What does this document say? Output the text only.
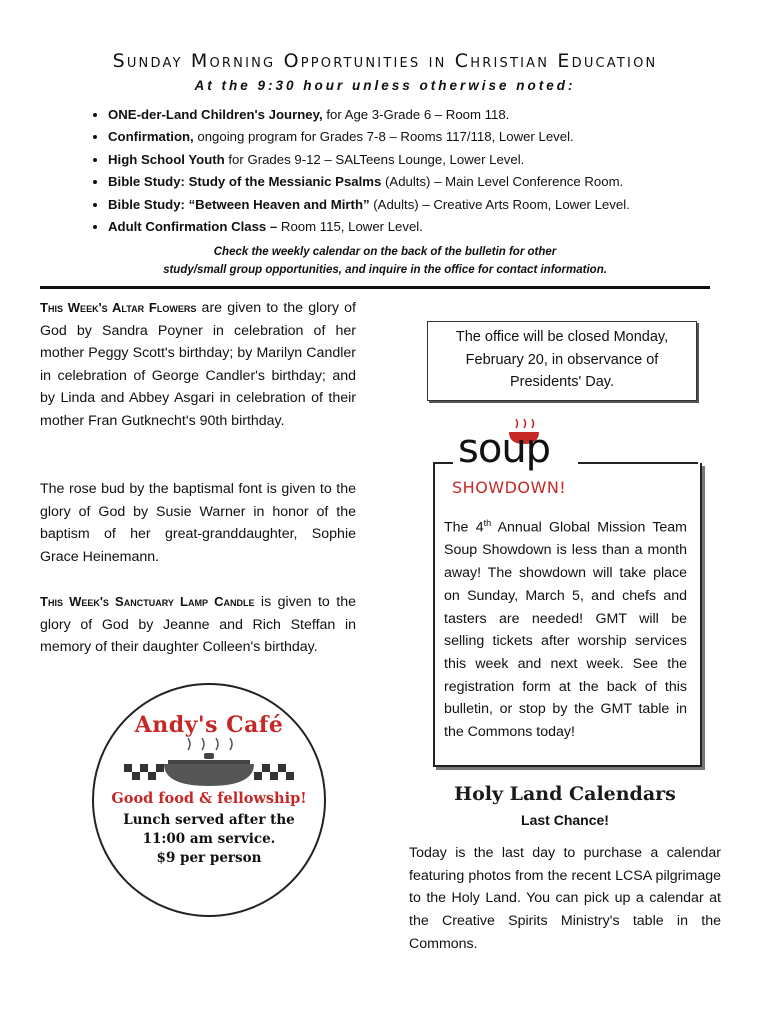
Sunday Morning Opportunities in Christian Education
At the 9:30 hour unless otherwise noted:
• ONE-der-Land Children's Journey, for Age 3-Grade 6 – Room 118.
• Confirmation, ongoing program for Grades 7-8 – Rooms 117/118, Lower Level.
• High School Youth for Grades 9-12 – SALTeens Lounge, Lower Level.
• Bible Study: Study of the Messianic Psalms (Adults) – Main Level Conference Room.
• Bible Study: “Between Heaven and Mirth” (Adults) – Creative Arts Room, Lower Level.
• Adult Confirmation Class – Room 115, Lower Level.
Check the weekly calendar on the back of the bulletin for other
study/small group opportunities, and inquire in the office for contact information.
This Week's Altar Flowers are given to the glory of God by Sandra Poyner in celebration of her mother Peggy Scott's birthday; by Marilyn Candler in celebration of George Candler's birthday; and by Linda and Abbey Asgari in celebration of their mother Fran Gutknecht's 90th birthday.
The rose bud by the baptismal font is given to the glory of God by Susie Warner in honor of the baptism of her great-granddaughter, Sophie Grace Heinemann.
This Week's Sanctuary Lamp Candle is given to the glory of God by Jeanne and Rich Steffan in memory of their daughter Colleen's birthday.
Andy's Café
Good food & fellowship!
Lunch served after the
11:00 am service.
$9 per person
The office will be closed Monday,
February 20, in observance of
Presidents' Day.
soup
SHOWDOWN!
The 4th Annual Global Mission Team Soup Showdown is less than a month away! The showdown will take place on Sunday, March 5, and chefs and tasters are needed! GMT will be selling tickets after worship services this week and next week. See the registration form at the back of this bulletin, or stop by the GMT table in the Commons today!
Holy Land Calendars
Last Chance!
Today is the last day to purchase a calendar featuring photos from the recent LCSA pilgrimage to the Holy Land. You can pick up a calendar at the Creative Spirits Ministry's table in the Commons.
